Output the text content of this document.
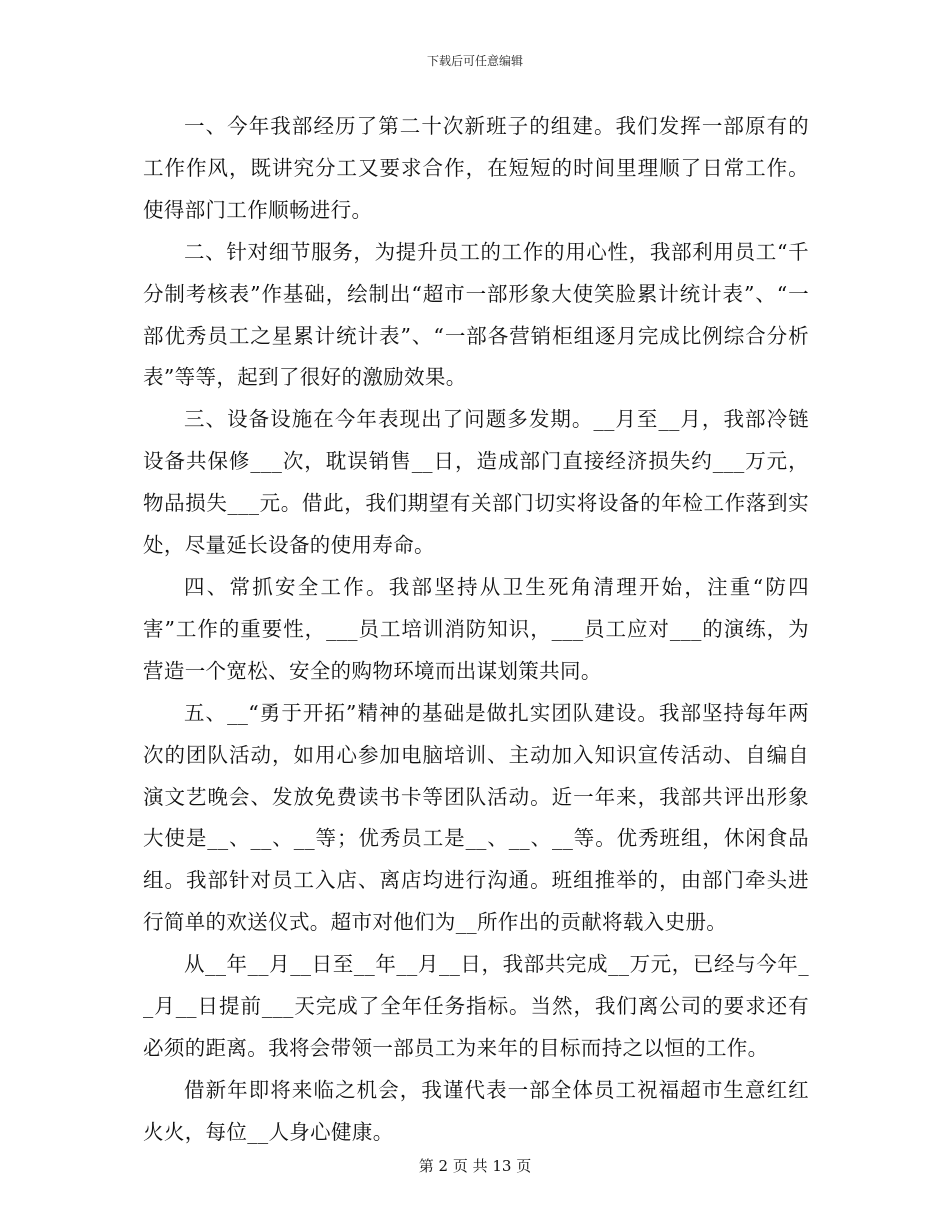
下载后可任意编辑

一、今年我部经历了第二十次新班子的组建。我们发挥一部原有的工作作风，既讲究分工又要求合作，在短短的时间里理顺了日常工作。使得部门工作顺畅进行。

二、针对细节服务，为提升员工的工作的用心性，我部利用员工“千分制考核表”作基础，绘制出“超市一部形象大使笑脸累计统计表”、“一部优秀员工之星累计统计表”、“一部各营销柜组逐月完成比例综合分析表”等等，起到了很好的激励效果。

三、设备设施在今年表现出了问题多发期。__月至__月，我部冷链设备共保修___次，耽误销售__日，造成部门直接经济损失约___万元，物品损失___元。借此，我们期望有关部门切实将设备的年检工作落到实处，尽量延长设备的使用寿命。

四、常抓安全工作。我部坚持从卫生死角清理开始，注重“防四害”工作的重要性，___员工培训消防知识，___员工应对___的演练，为营造一个宽松、安全的购物环境而出谋划策共同。

五、__“勇于开拓”精神的基础是做扎实团队建设。我部坚持每年两次的团队活动，如用心参加电脑培训、主动加入知识宣传活动、自编自演文艺晚会、发放免费读书卡等团队活动。近一年来，我部共评出形象大使是__、__、__等；优秀员工是__、__、__等。优秀班组，休闲食品组。我部针对员工入店、离店均进行沟通。班组推举的，由部门牵头进行简单的欢送仪式。超市对他们为__所作出的贡献将载入史册。

从__年__月__日至__年__月__日，我部共完成__万元，已经与今年__月__日提前___天完成了全年任务指标。当然，我们离公司的要求还有必须的距离。我将会带领一部员工为来年的目标而持之以恒的工作。

借新年即将来临之机会，我谨代表一部全体员工祝福超市生意红红火火，每位__人身心健康。

第 2 页 共 13 页
